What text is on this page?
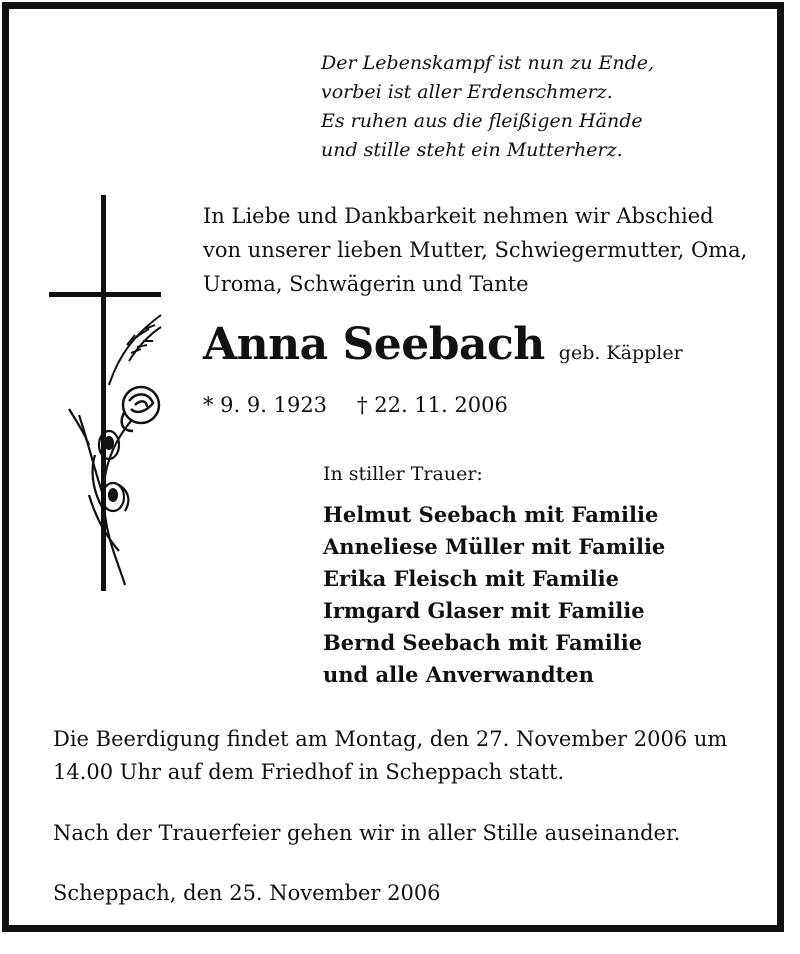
Der Lebenskampf ist nun zu Ende,
vorbei ist aller Erdenschmerz.
Es ruhen aus die fleißigen Hände
und stille steht ein Mutterherz.
In Liebe und Dankbarkeit nehmen wir Abschied
von unserer lieben Mutter, Schwiegermutter, Oma,
Uroma, Schwägerin und Tante
Anna Seebach geb. Käppler
* 9. 9. 1923 † 22. 11. 2006
In stiller Trauer:
Helmut Seebach mit Familie
Anneliese Müller mit Familie
Erika Fleisch mit Familie
Irmgard Glaser mit Familie
Bernd Seebach mit Familie
und alle Anverwandten
Die Beerdigung findet am Montag, den 27. November 2006 um
14.00 Uhr auf dem Friedhof in Scheppach statt.
Nach der Trauerfeier gehen wir in aller Stille auseinander.
Scheppach, den 25. November 2006
